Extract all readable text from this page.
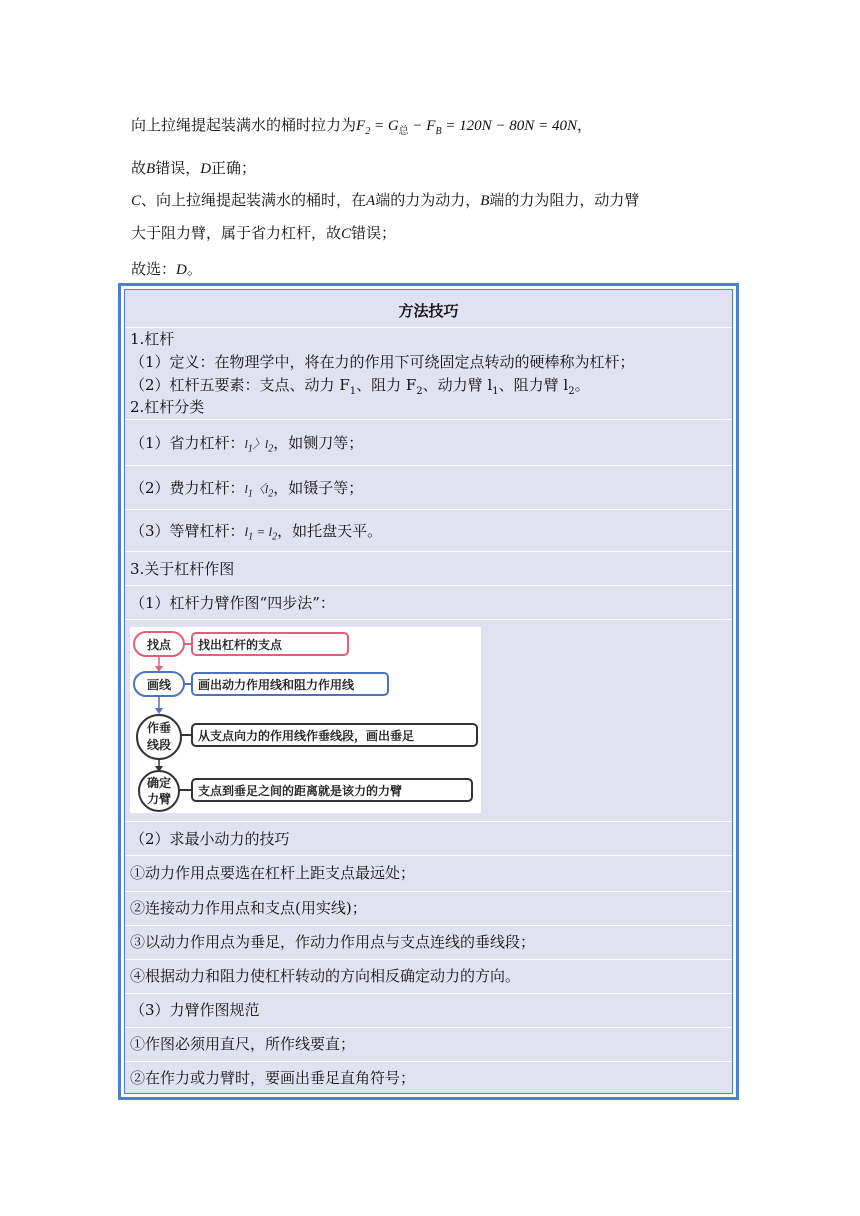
向上拉绳提起装满水的桶时拉力为$F_2 = G_总 - F_B = 120N - 80N = 40N$，
故B错误，D正确；
C、向上拉绳提起装满水的桶时，在A端的力为动力，B端的力为阻力，动力臂
大于阻力臂，属于省力杠杆，故C错误；
故选：D。
方法技巧
1.杠杆
（1）定义：在物理学中，将在力的作用下可绕固定点转动的硬棒称为杠杆；
（2）杠杆五要素：支点、动力 $F_1$、阻力 $F_2$、动力臂 $l_1$、阻力臂 $l_2$。
2.杠杆分类
（1）省力杠杆：$l_1$〉$l_2$，如铡刀等；
（2）费力杠杆：$l_1$〈$l_2$，如镊子等；
（3）等臂杠杆：$l_1 = l_2$，如托盘天平。
3.关于杠杆作图
（1）杠杆力臂作图“四步法”：
找点 找出杠杆的支点
画线 画出动力作用线和阻力作用线
作垂
线段
从支点向力的作用线作垂线段，画出垂足
确定
力臂
支点到垂足之间的距离就是该力的力臂
（2）求最小动力的技巧
①动力作用点要选在杠杆上距支点最远处；
②连接动力作用点和支点(用实线)；
③以动力作用点为垂足，作动力作用点与支点连线的垂线段；
④根据动力和阻力使杠杆转动的方向相反确定动力的方向。
（3）力臂作图规范
①作图必须用直尺，所作线要直；
②在作力或力臂时，要画出垂足直角符号；
